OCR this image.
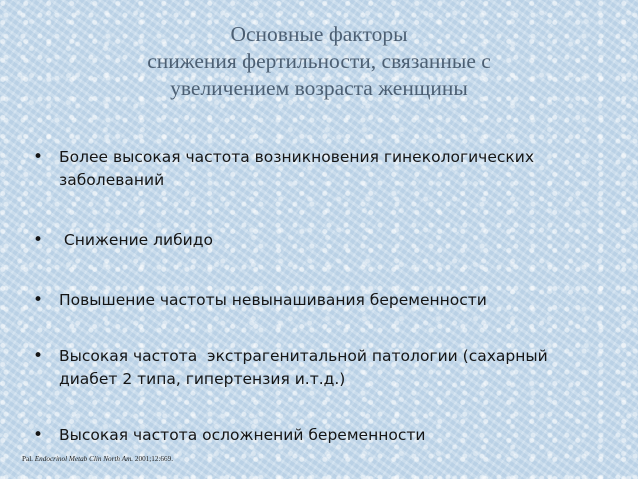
Основные факторы
снижения фертильности, связанные с
увеличением возраста женщины
• Более высокая частота возникновения гинекологических заболеваний
• Снижение либидо
• Повышение частоты невынашивания беременности
• Высокая частота  экстрагенитальной патологии (сахарный диабет 2 типа, гипертензия и.т.д.)
• Высокая частота осложнений беременности
Pal. Endocrinol Metab Clin North Am. 2001;12:669.
